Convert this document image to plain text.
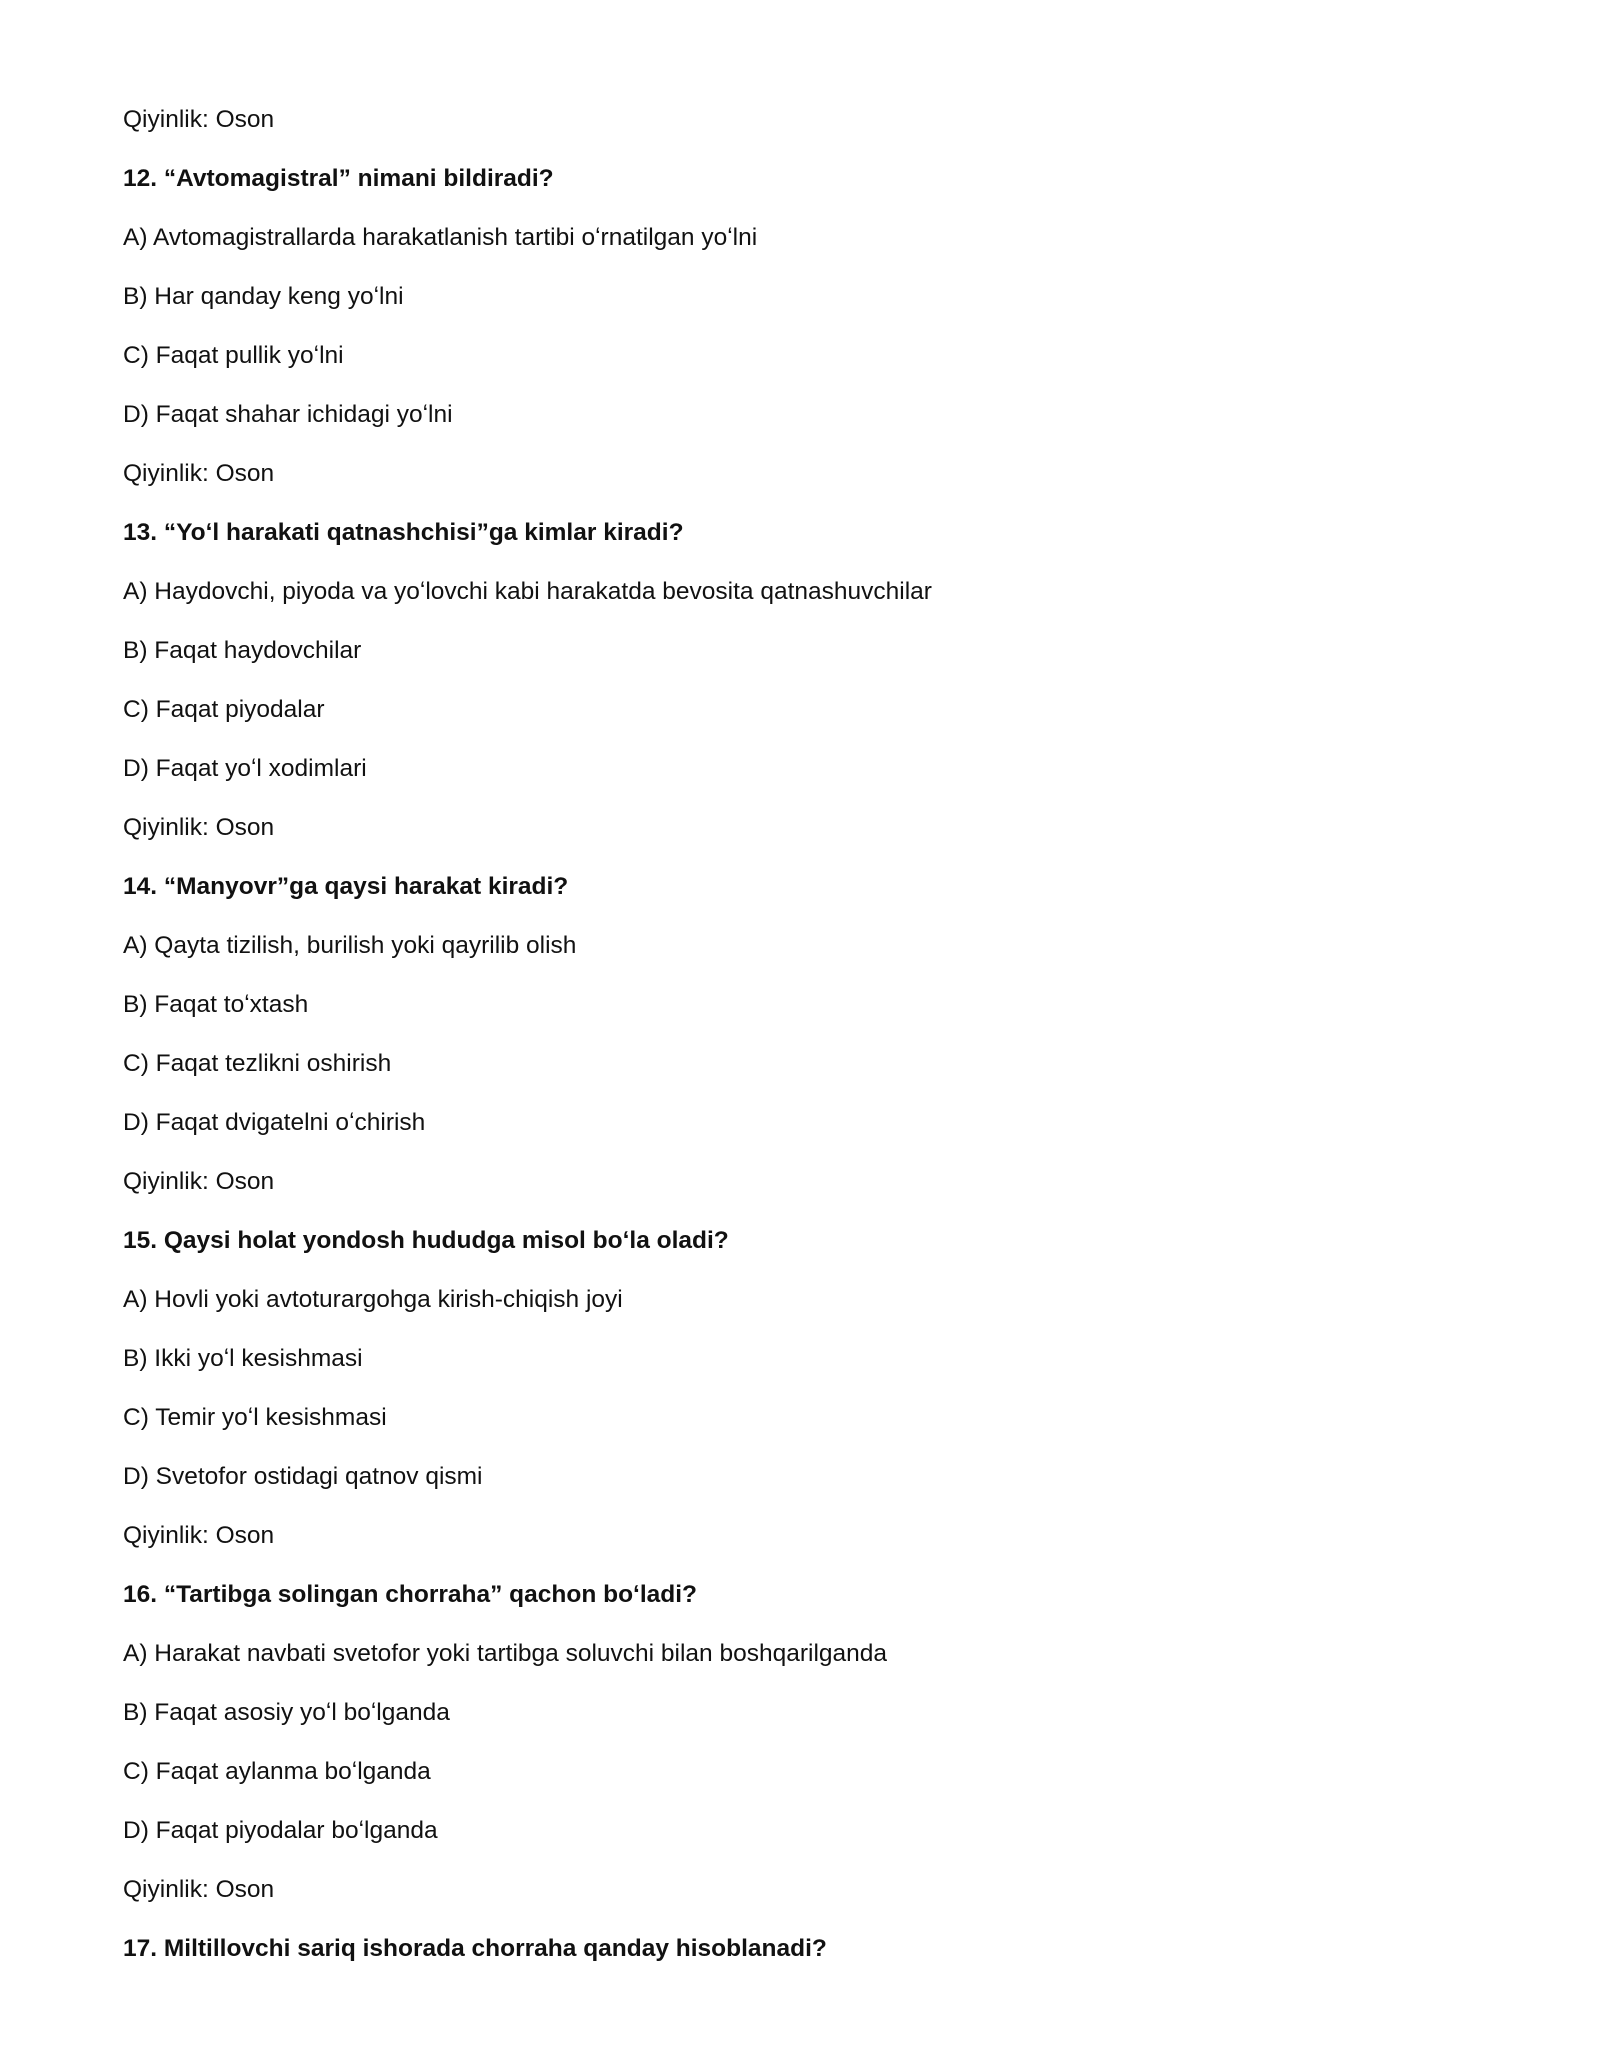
Qiyinlik: Oson
12. “Avtomagistral” nimani bildiradi?
A) Avtomagistrallarda harakatlanish tartibi oʻrnatilgan yoʻlni
B) Har qanday keng yoʻlni
C) Faqat pullik yoʻlni
D) Faqat shahar ichidagi yoʻlni
Qiyinlik: Oson
13. “Yoʻl harakati qatnashchisi”ga kimlar kiradi?
A) Haydovchi, piyoda va yoʻlovchi kabi harakatda bevosita qatnashuvchilar
B) Faqat haydovchilar
C) Faqat piyodalar
D) Faqat yoʻl xodimlari
Qiyinlik: Oson
14. “Manyovr”ga qaysi harakat kiradi?
A) Qayta tizilish, burilish yoki qayrilib olish
B) Faqat toʻxtash
C) Faqat tezlikni oshirish
D) Faqat dvigatelni oʻchirish
Qiyinlik: Oson
15. Qaysi holat yondosh hududga misol boʻla oladi?
A) Hovli yoki avtoturargohga kirish-chiqish joyi
B) Ikki yoʻl kesishmasi
C) Temir yoʻl kesishmasi
D) Svetofor ostidagi qatnov qismi
Qiyinlik: Oson
16. “Tartibga solingan chorraha” qachon boʻladi?
A) Harakat navbati svetofor yoki tartibga soluvchi bilan boshqarilganda
B) Faqat asosiy yoʻl boʻlganda
C) Faqat aylanma boʻlganda
D) Faqat piyodalar boʻlganda
Qiyinlik: Oson
17. Miltillovchi sariq ishorada chorraha qanday hisoblanadi?
